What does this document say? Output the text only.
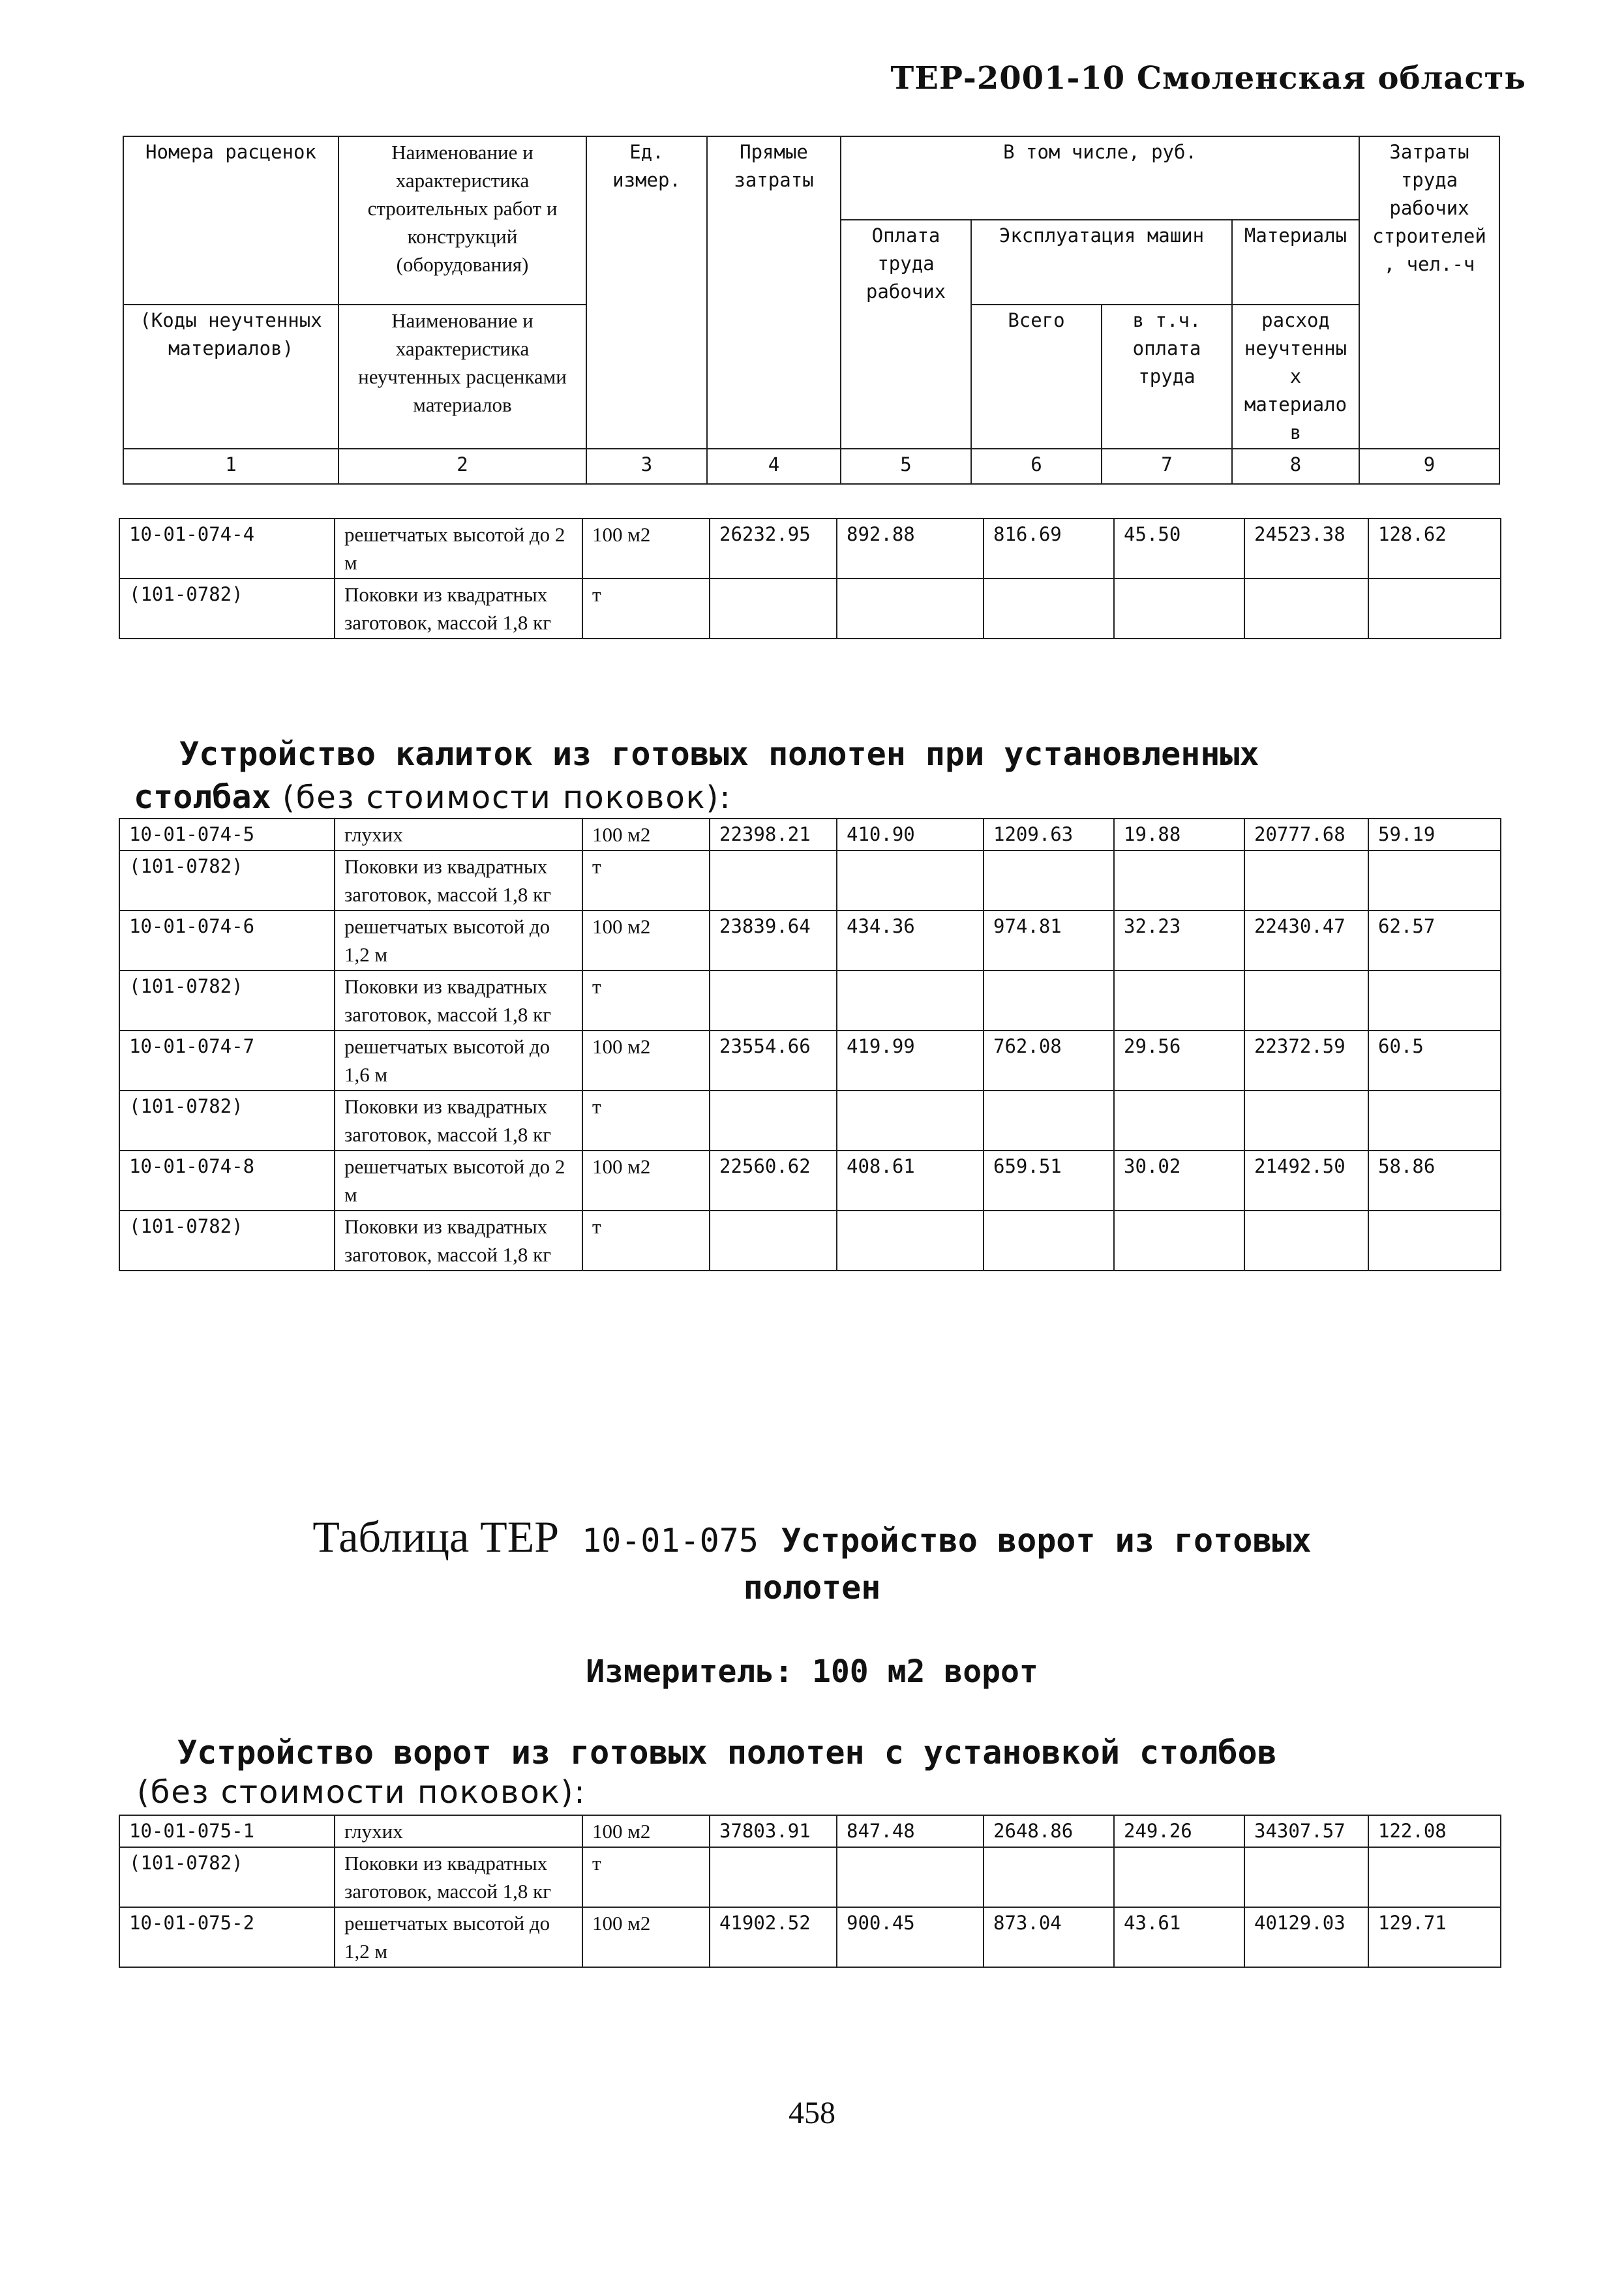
ТЕР-2001-10 Смоленская область
Номера расценок	Наименование и характеристика строительных работ и конструкций (оборудования)	Ед. измер.	Прямые затраты	В том числе, руб.				Затраты труда рабочих строителей, чел.-ч
				Оплата труда рабочих	Эксплуатация машин		Материалы	
(Коды неучтенных материалов)	Наименование и характеристика неучтенных расценками материалов				Всего	в т.ч. оплата труда	расход неучтенных материалов	

1	2	3	4	5	6	7	8	9
10-01-074-4	решетчатых высотой до 2 м	100 м2	26232.95	892.88	816.69	45.50	24523.38	128.62
(101-0782)	Поковки из квадратных заготовок, массой 1,8 кг	т						
Устройство калиток из готовых полотен при установленных
столбах (без стоимости поковок):
10-01-074-5	глухих	100 м2	22398.21	410.90	1209.63	19.88	20777.68	59.19
(101-0782)	Поковки из квадратных заготовок, массой 1,8 кг	т						
10-01-074-6	решетчатых высотой до 1,2 м	100 м2	23839.64	434.36	974.81	32.23	22430.47	62.57
(101-0782)	Поковки из квадратных заготовок, массой 1,8 кг	т						
10-01-074-7	решетчатых высотой до 1,6 м	100 м2	23554.66	419.99	762.08	29.56	22372.59	60.5
(101-0782)	Поковки из квадратных заготовок, массой 1,8 кг	т						
10-01-074-8	решетчатых высотой до 2 м	100 м2	22560.62	408.61	659.51	30.02	21492.50	58.86
(101-0782)	Поковки из квадратных заготовок, массой 1,8 кг	т						
Таблица ТЕР 10-01-075 Устройство ворот из готовых
полотен
Измеритель: 100 м2 ворот
Устройство ворот из готовых полотен с установкой столбов
(без стоимости поковок):
10-01-075-1	глухих	100 м2	37803.91	847.48	2648.86	249.26	34307.57	122.08
(101-0782)	Поковки из квадратных заготовок, массой 1,8 кг	т						
10-01-075-2	решетчатых высотой до 1,2 м	100 м2	41902.52	900.45	873.04	43.61	40129.03	129.71
458
